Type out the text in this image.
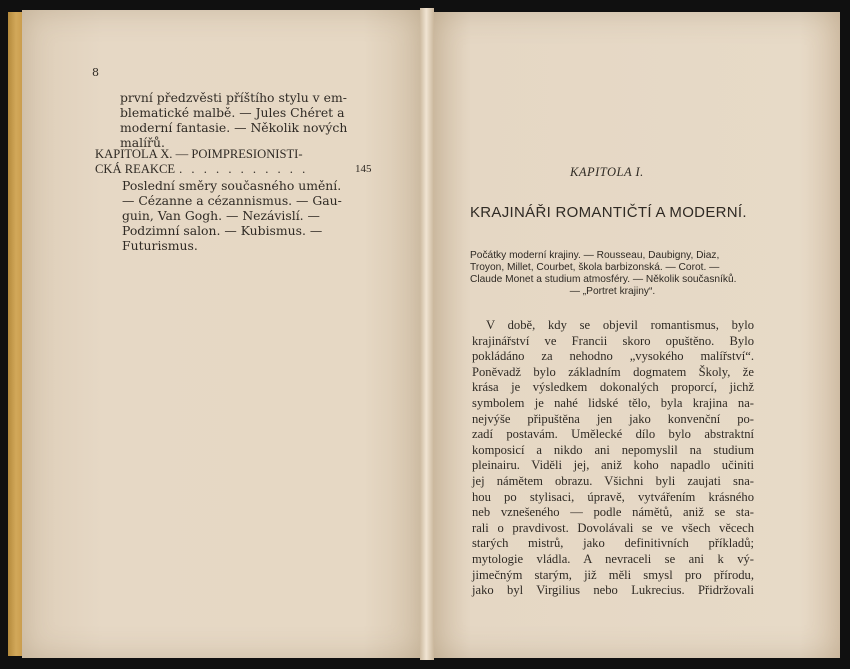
8
první předzvěsti příštího stylu v em-
blematické malbě. — Jules Chéret a
moderní fantasie. — Několik nových
malířů.
KAPITOLA X. — POIMPRESIONISTI-
CKÁ REAKCE . . . . . . . . . . .	145
Poslední směry současného umění.
— Cézanne a cézannismus. — Gau-
guin, Van Gogh. — Nezávislí. —
Podzimní salon. — Kubismus. —
Futurismus.
KAPITOLA I.
KRAJINÁŘI ROMANTIČTÍ A MODERNÍ.
Počátky moderní krajiny. — Rousseau, Daubigny, Diaz,
Troyon, Millet, Courbet, škola barbizonská. — Corot. —
Claude Monet a studium atmosféry. — Několik současníků.
— „Portret krajiny“.
V době, kdy se objevil romantismus, bylo
krajinářství ve Francii skoro opuštěno. Bylo
pokládáno za nehodno „vysokého malířství“.
Poněvadž bylo základním dogmatem Školy, že
krása je výsledkem dokonalých proporcí, jichž
symbolem je nahé lidské tělo, byla krajina na-
nejvýše připuštěna jen jako konvenční po-
zadí postavám. Umělecké dílo bylo abstraktní
komposicí a nikdo ani nepomyslil na studium
pleinairu. Viděli jej, aniž koho napadlo učiniti
jej námětem obrazu. Všichni byli zaujati sna-
hou po stylisaci, úpravě, vytvářením krásného
neb vznešeného — podle námětů, aniž se sta-
rali o pravdivost. Dovolávali se ve všech věcech
starých mistrů, jako definitivních příkladů;
mytologie vládla. A nevraceli se ani k vý-
jimečným starým, již měli smysl pro přírodu,
jako byl Virgilius nebo Lukrecius. Přidržovali
